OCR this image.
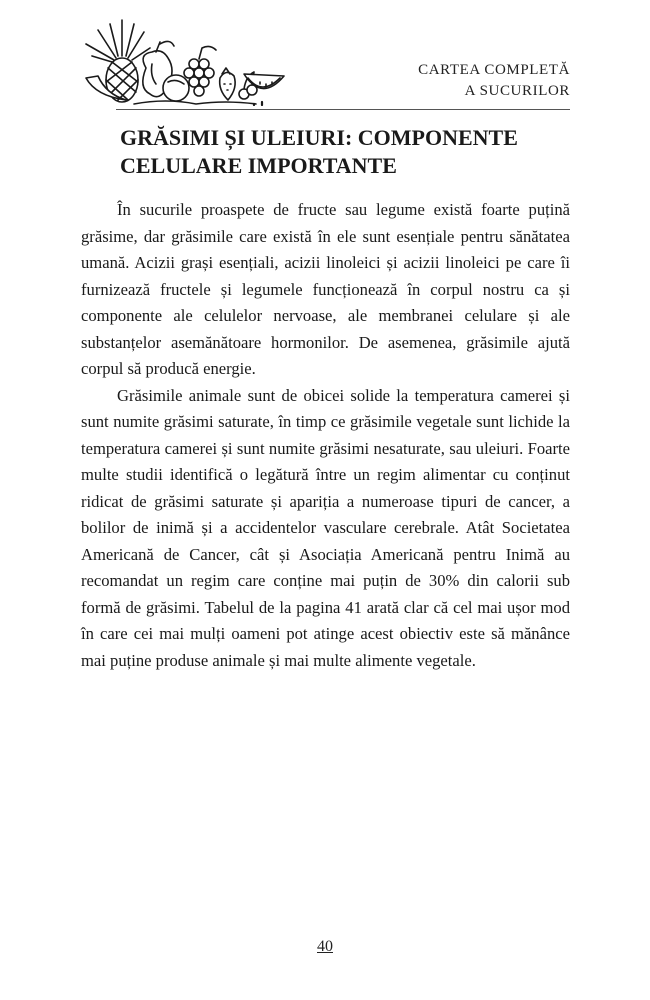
CARTEA COMPLETĂ
A SUCURILOR
GRĂSIMI ȘI ULEIURI: COMPONENTE
CELULARE IMPORTANTE

În sucurile proaspete de fructe sau legume există foarte puțină grăsime, dar grăsimile care există în ele sunt esențiale pentru sănătatea umană. Acizii grași esențiali, acizii linoleici și acizii linoleici pe care îi furnizează fructele și legumele funcționează în corpul nostru ca și componente ale celulelor nervoase, ale membranei celulare și ale substanțelor asemănătoare hormonilor. De asemenea, grăsimile ajută corpul să producă energie.

Grăsimile animale sunt de obicei solide la temperatura camerei și sunt numite grăsimi saturate, în timp ce grăsimile vegetale sunt lichide la temperatura camerei și sunt numite grăsimi nesaturate, sau uleiuri. Foarte multe studii identifică o legătură între un regim alimentar cu conținut ridicat de grăsimi saturate și apariția a numeroase tipuri de cancer, a bolilor de inimă și a accidentelor vasculare cerebrale. Atât Societatea Americană de Cancer, cât și Asociația Americană pentru Inimă au recomandat un regim care conține mai puțin de 30% din calorii sub formă de grăsimi. Tabelul de la pagina 41 arată clar că cel mai ușor mod în care cei mai mulți oameni pot atinge acest obiectiv este să mănânce mai puține produse animale și mai multe alimente vegetale.

40
